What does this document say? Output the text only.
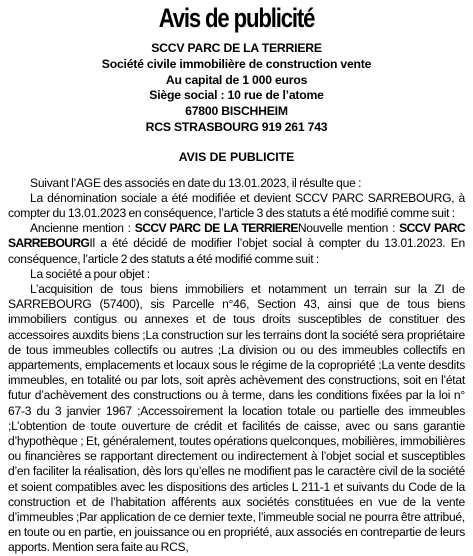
Avis de publicité
SCCV PARC DE LA TERRIERE
Société civile immobilière de construction vente
Au capital de 1 000 euros
Siège social : 10 rue de l’atome
67800 BISCHHEIM
RCS STRASBOURG 919 261 743
AVIS DE PUBLICITE

Suivant l’AGE des associés en date du 13.01.2023, il résulte que :

La dénomination sociale a été modifiée et devient SCCV PARC SARREBOURG, à compter du 13.01.2023 en conséquence, l’article 3 des statuts a été modifié comme suit :

Ancienne mention : SCCV PARC DE LA TERRIERENouvelle mention : SCCV PARC SARREBOURGIl a été décidé de modifier l’objet social à compter du 13.01.2023. En conséquence, l’article 2 des statuts a été modifié comme suit :

La société a pour objet :

L’acquisition de tous biens immobiliers et notamment un terrain sur la ZI de SARREBOURG (57400), sis Parcelle n°46, Section 43, ainsi que de tous biens immobiliers contigus ou annexes et de tous droits susceptibles de constituer des accessoires auxdits biens ;La construction sur les terrains dont la société sera propriétaire de tous immeubles collectifs ou autres ;La division ou ou des immeubles collectifs en appartements, emplacements et locaux sous le régime de la copropriété ;La vente desdits immeubles, en totalité ou par lots, soit après achèvement des constructions, soit en l’état futur d’achèvement des constructions ou à terme, dans les conditions fixées par la loi n° 67-3 du 3 janvier 1967 ;Accessoirement la location totale ou partielle des immeubles ;L’obtention de toute ouverture de crédit et facilités de caisse, avec ou sans garantie d’hypothèque ; Et, généralement, toutes opérations quelconques, mobilières, immobilières ou financières se rapportant directement ou indirectement à l’objet social et susceptibles d’en faciliter la réalisation, dès lors qu’elles ne modifient pas le caractère civil de la société et soient compatibles avec les dispositions des articles L 211-1 et suivants du Code de la construction et de l’habitation afférents aux sociétés constituées en vue de la vente d’immeubles ;Par application de ce dernier texte, l’immeuble social ne pourra être attribué, en toute ou en partie, en jouissance ou en propriété, aux associés en contrepartie de leurs apports. Mention sera faite au RCS,
